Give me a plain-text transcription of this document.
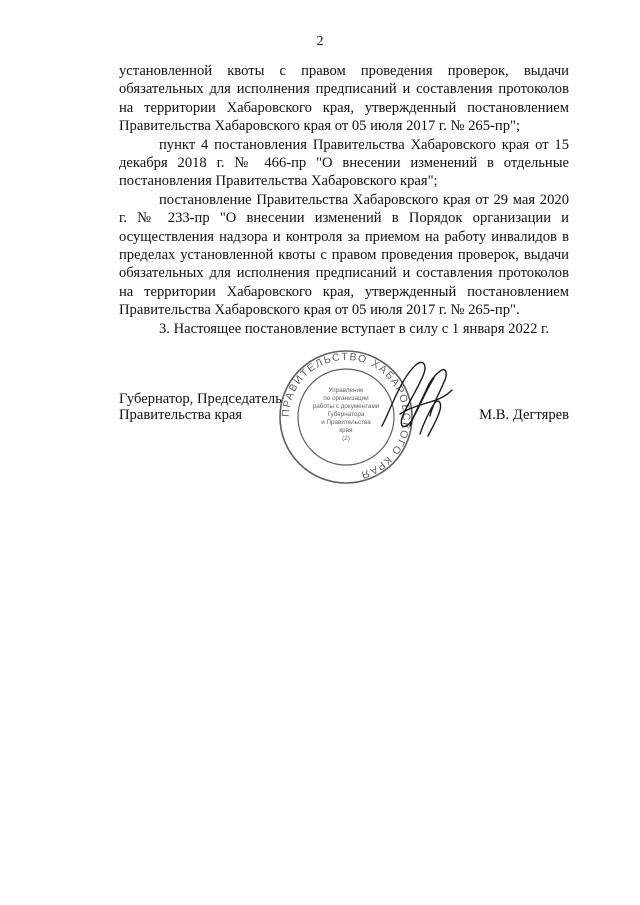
2

установленной квоты с правом проведения проверок, выдачи обязательных для исполнения предписаний и составления протоколов на территории Хабаровского края, утвержденный постановлением Правительства Хабаровского края от 05 июля 2017 г. № 265-пр";

пункт 4 постановления Правительства Хабаровского края от 15 декабря 2018 г. № 466-пр "О внесении изменений в отдельные постановления Правительства Хабаровского края";

постановление Правительства Хабаровского края от 29 мая 2020 г. № 233-пр "О внесении изменений в Порядок организации и осуществления надзора и контроля за приемом на работу инвалидов в пределах установленной квоты с правом проведения проверок, выдачи обязательных для исполнения предписаний и составления протоколов на территории Хабаровского края, утвержденный постановлением Правительства Хабаровского края от 05 июля 2017 г. № 265-пр".

3. Настоящее постановление вступает в силу с 1 января 2022 г.

Губернатор, Председатель
Правительства края	М.В. Дегтярев
ПРАВИТЕЛЬСТВО ХАБАРОВСКОГО КРАЯ
Управление
по организации
работы с документами
Губернатора
и Правительства
края
(2)
